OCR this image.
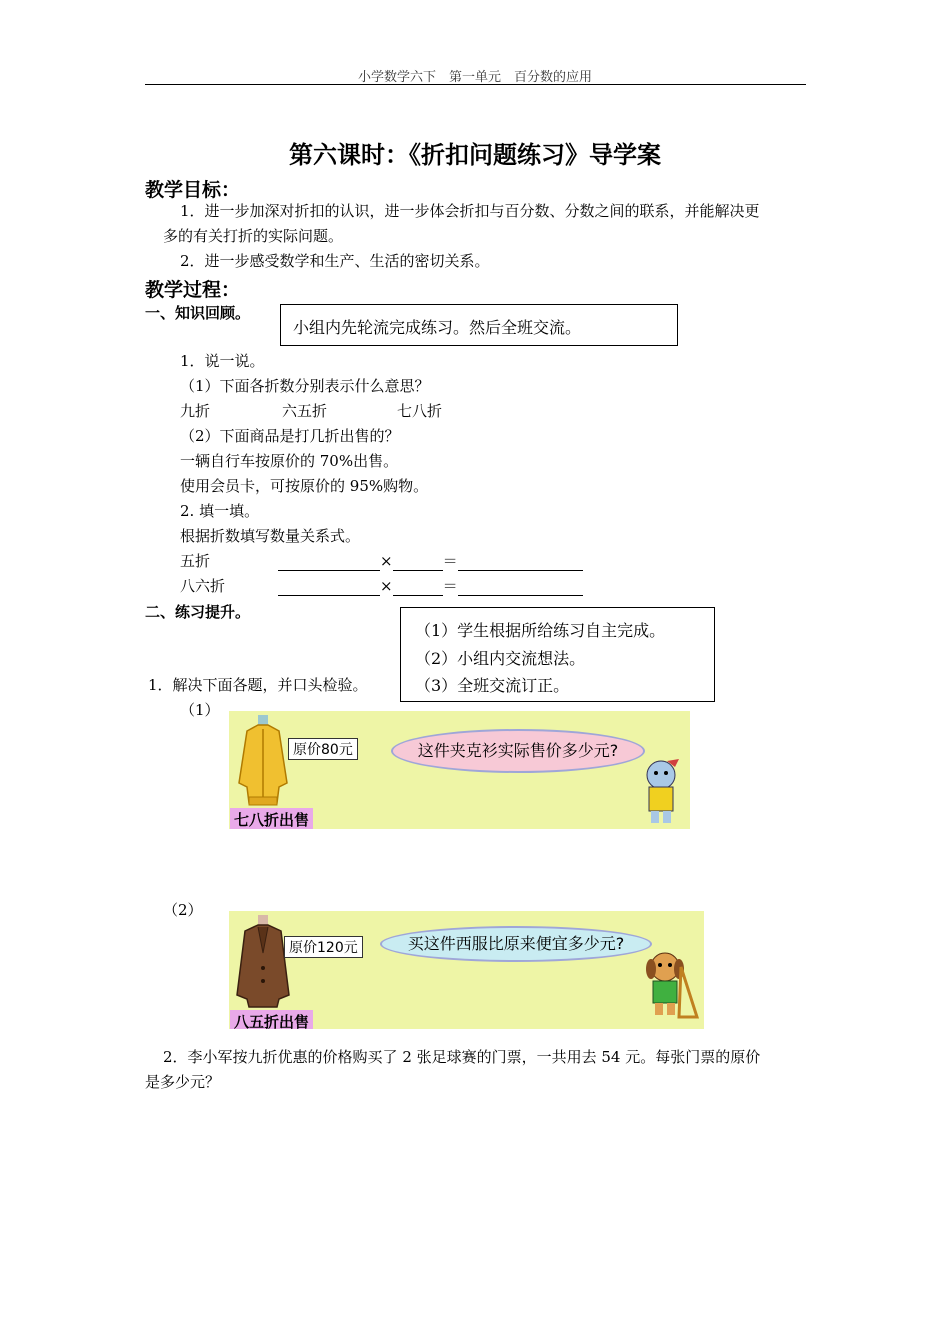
小学数学六下　第一单元　百分数的应用
第六课时：《折扣问题练习》导学案
教学目标：
1．进一步加深对折扣的认识，进一步体会折扣与百分数、分数之间的联系，并能解决更
多的有关打折的实际问题。
2．进一步感受数学和生产、生活的密切关系。
教学过程：
一、知识回顾。
小组内先轮流完成练习。然后全班交流。
1．说一说。
（1）下面各折数分别表示什么意思？
九折	六五折	七八折
（2）下面商品是打几折出售的？
一辆自行车按原价的 70%出售。
使用会员卡，可按原价的 95%购物。
2. 填一填。
根据折数填写数量关系式。
五折	×	＝
八六折	×	＝
二、练习提升。
（1）学生根据所给练习自主完成。
（2）小组内交流想法。
（3）全班交流订正。
1．解决下面各题，并口头检验。
（1）
原价80元	这件夹克衫实际售价多少元?
七八折出售
（2）
原价120元	买这件西服比原来便宜多少元?
八五折出售
2．李小军按九折优惠的价格购买了 2 张足球赛的门票，一共用去 54 元。每张门票的原价
是多少元？
